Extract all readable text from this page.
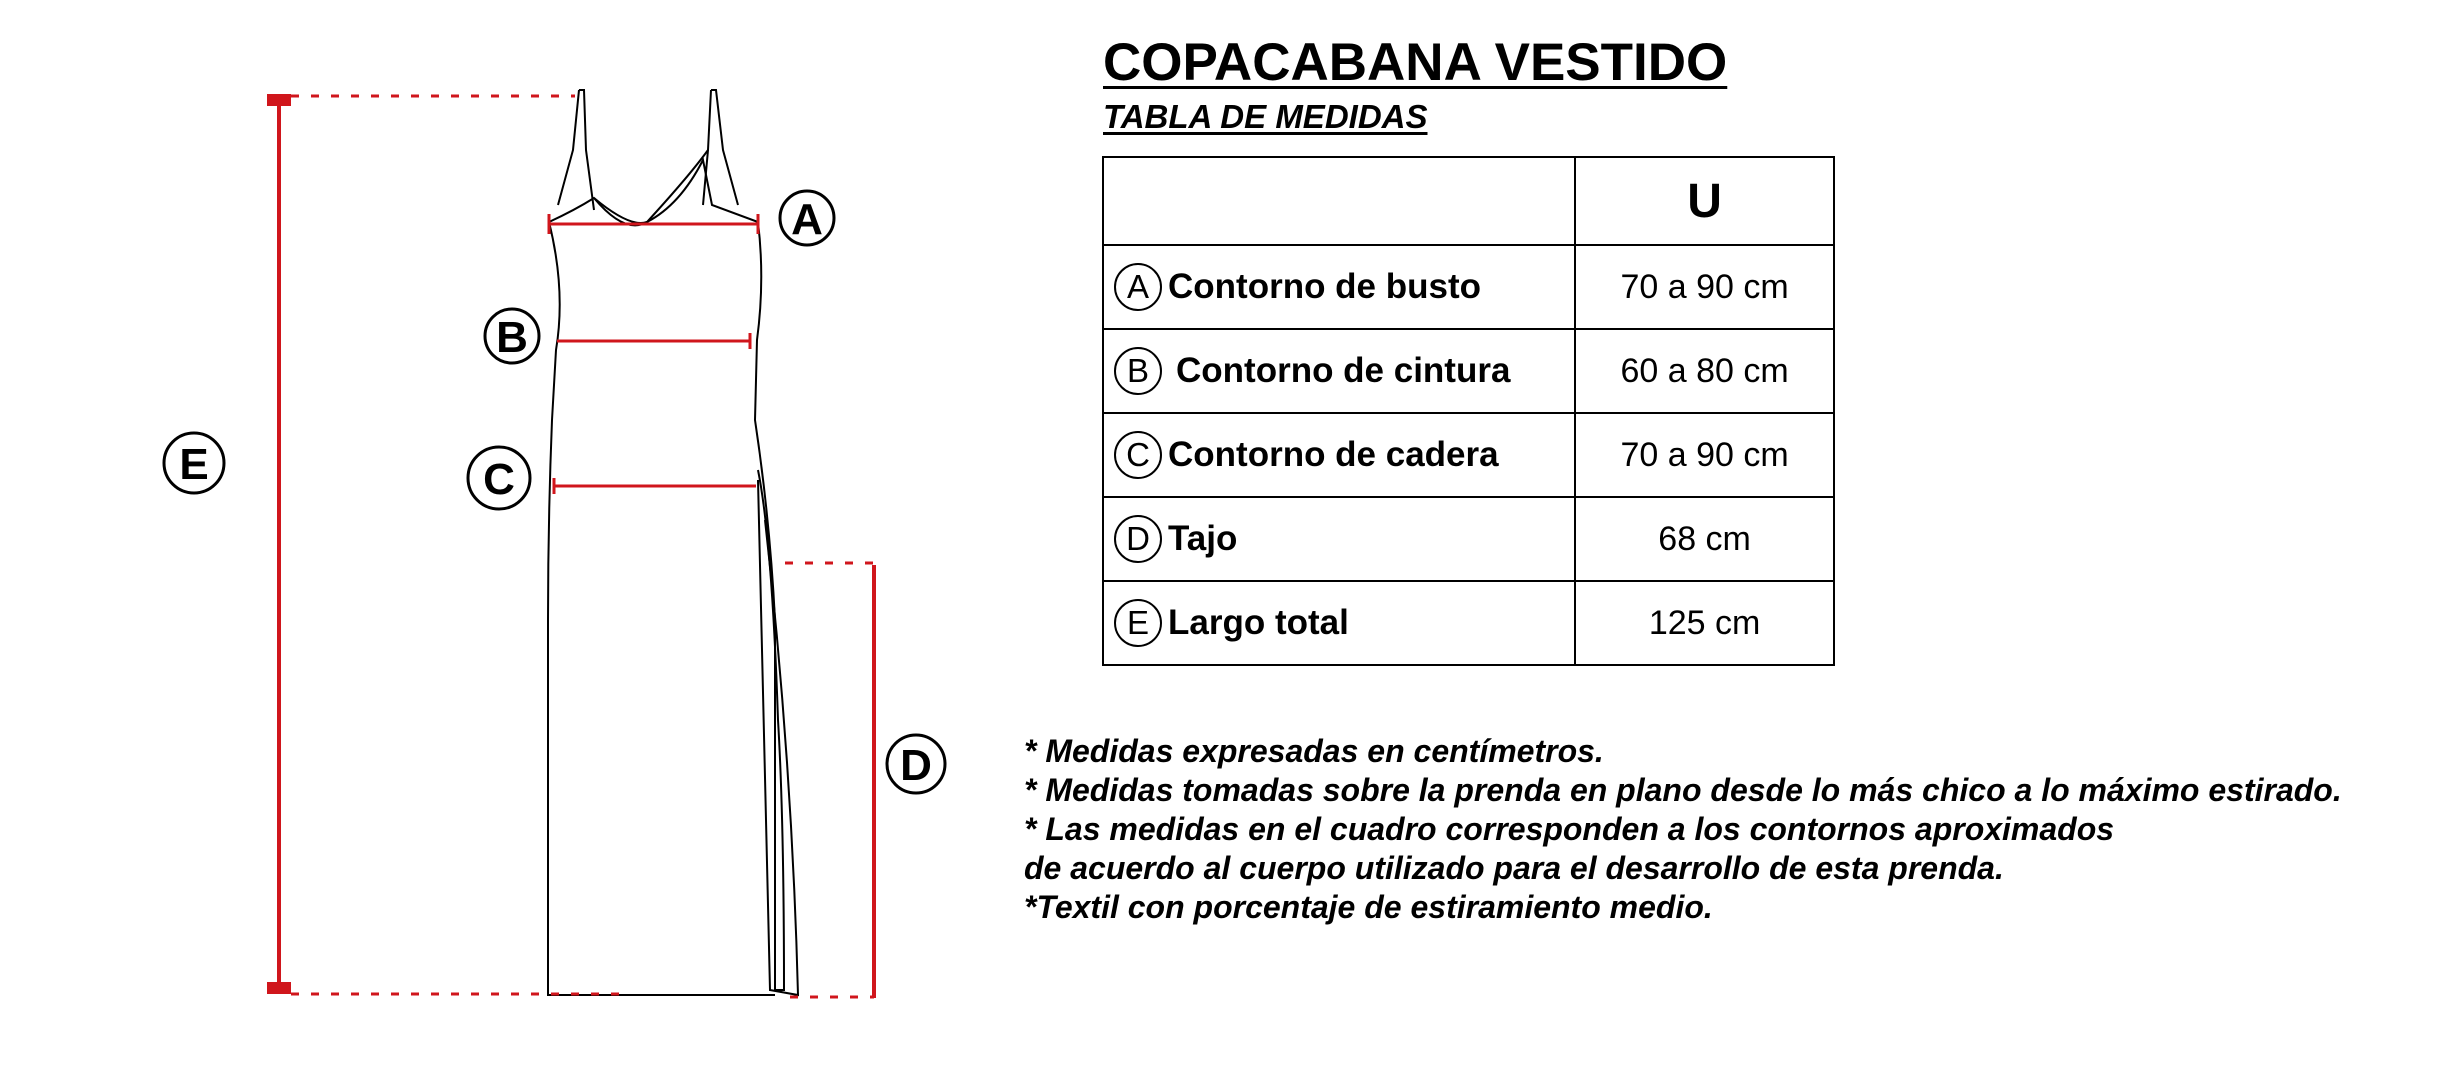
A
B
C
D
E
COPACABANA VESTIDO
TABLA DE MEDIDAS
	U
A Contorno de busto	70 a 90 cm
B Contorno de cintura	60 a 80 cm
C Contorno de cadera	70 a 90 cm
D Tajo	68 cm
E Largo total	125 cm
* Medidas expresadas en centímetros.
* Medidas tomadas sobre la prenda en plano desde lo más chico a lo máximo estirado.
* Las medidas en el cuadro corresponden a los contornos aproximados
de acuerdo al cuerpo utilizado para el desarrollo de esta prenda.
*Textil con porcentaje de estiramiento medio.
